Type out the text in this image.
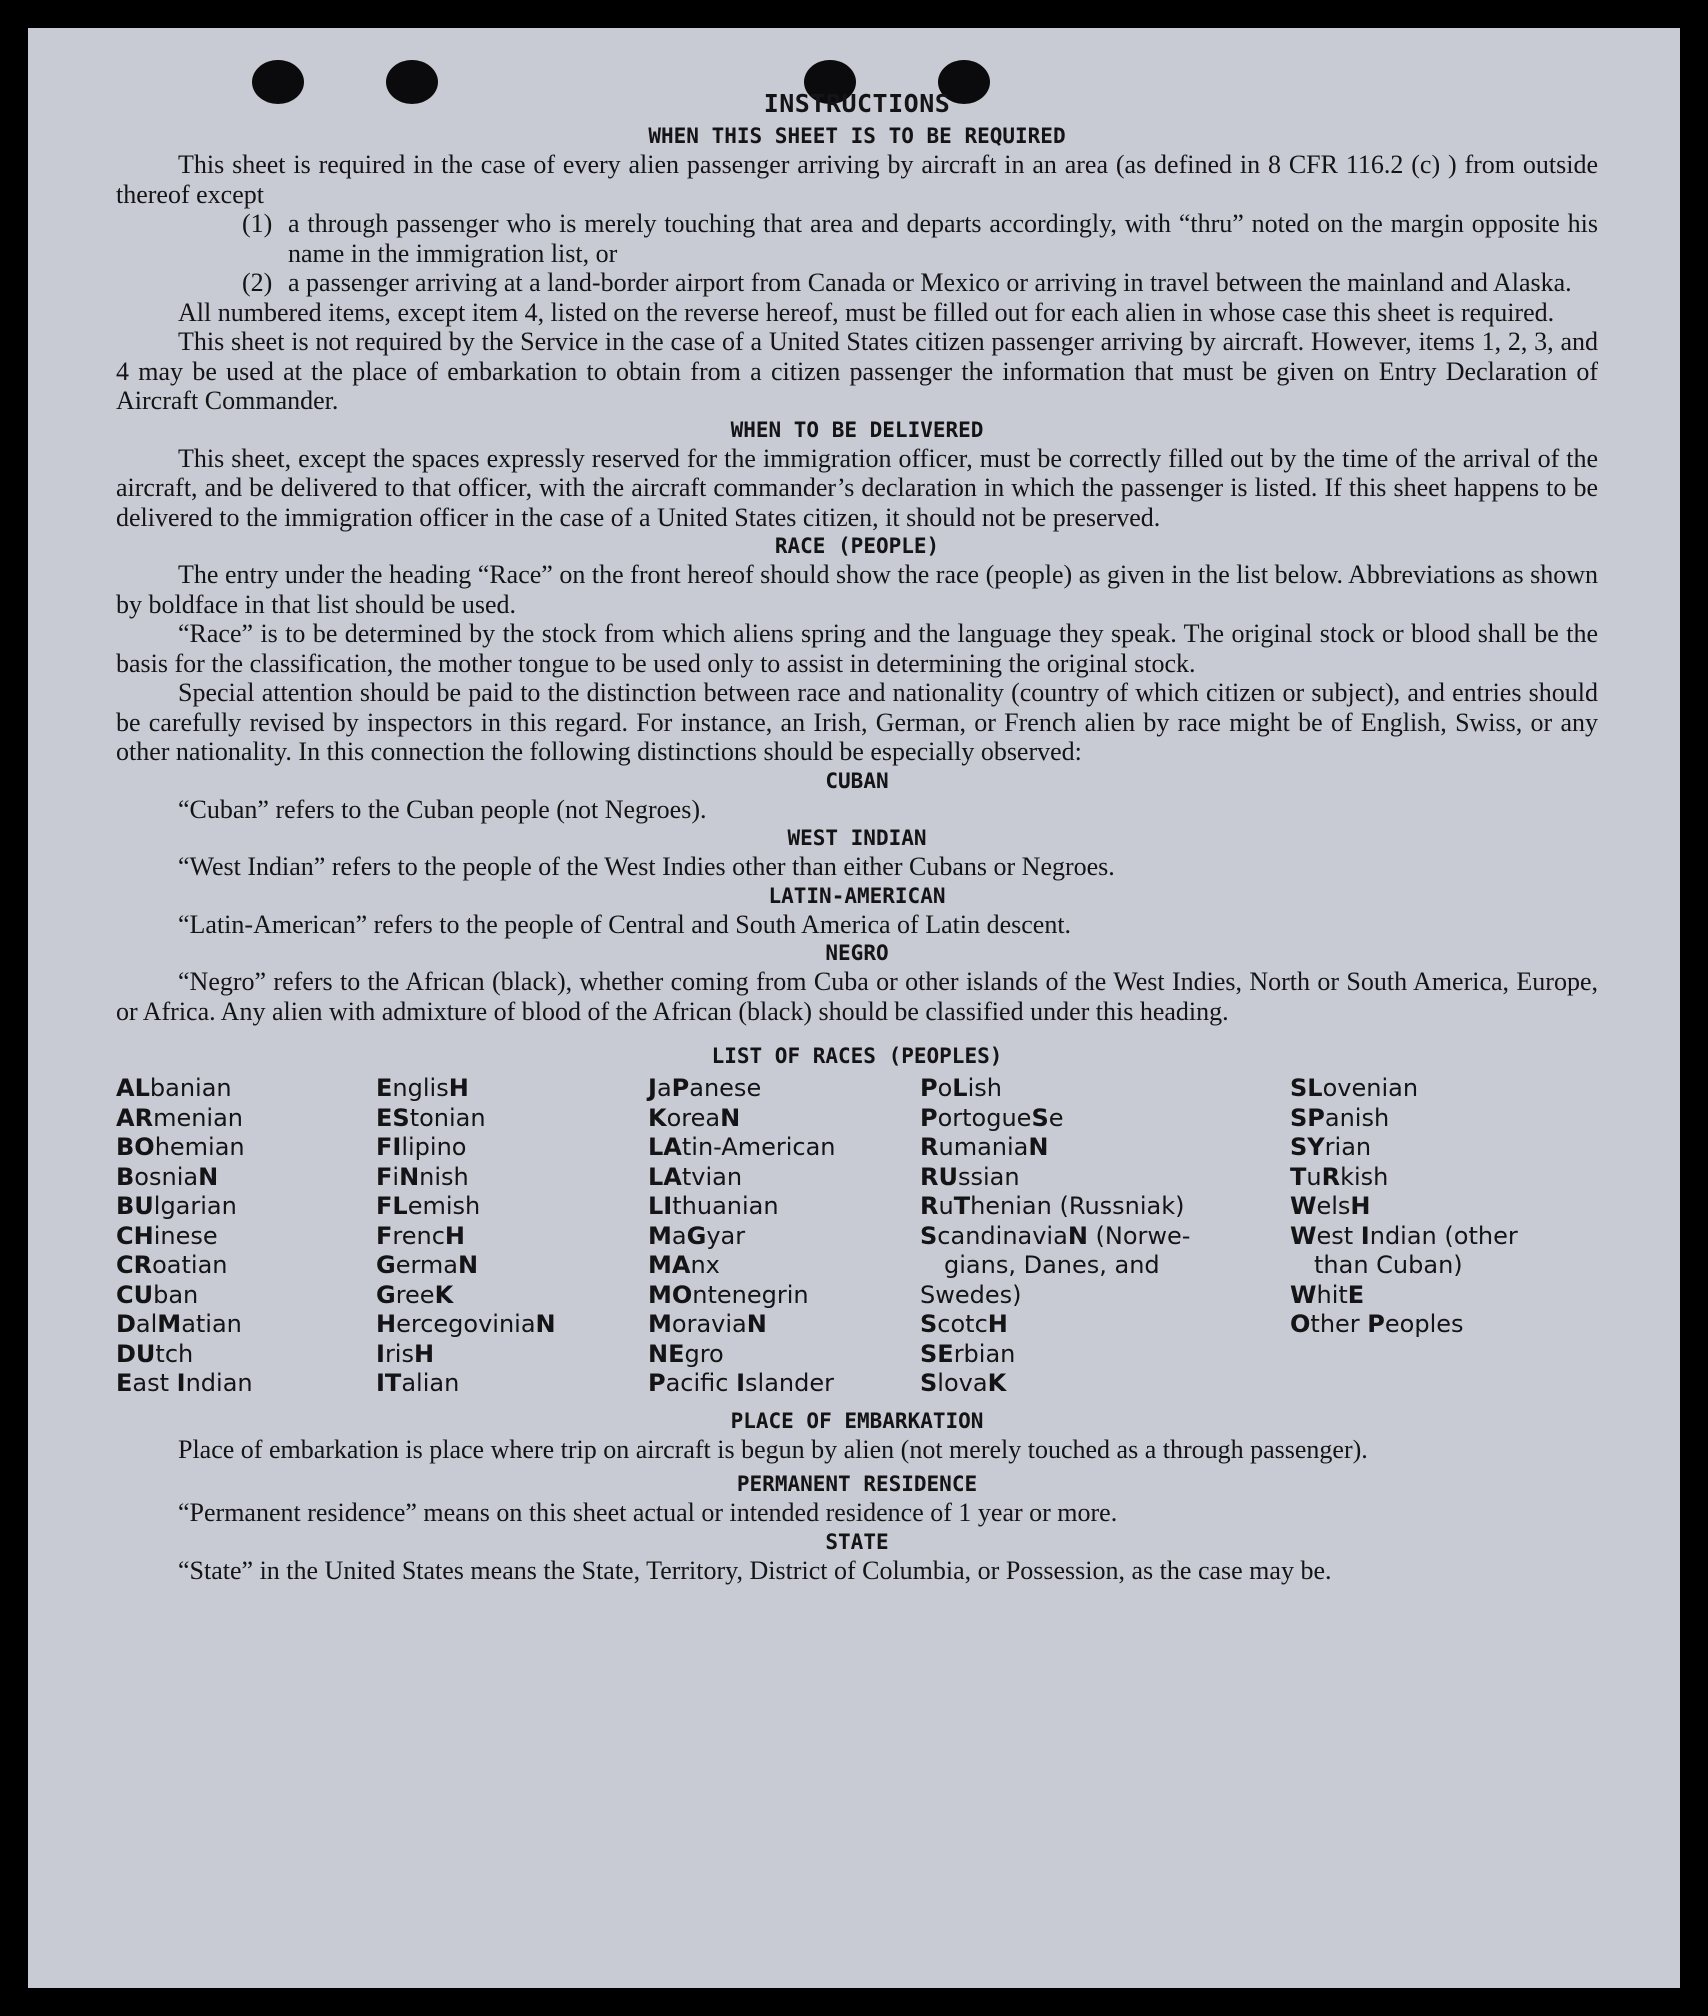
INSTRUCTIONS
WHEN THIS SHEET IS TO BE REQUIRED

This sheet is required in the case of every alien passenger arriving by aircraft in an area (as defined in 8 CFR 116.2 (c) ) from outside thereof except

(1) a through passenger who is merely touching that area and departs accordingly, with “thru” noted on the margin opposite his name in the immigration list, or
(2) a passenger arriving at a land-border airport from Canada or Mexico or arriving in travel between the mainland and Alaska.

All numbered items, except item 4, listed on the reverse hereof, must be filled out for each alien in whose case this sheet is required.

This sheet is not required by the Service in the case of a United States citizen passenger arriving by aircraft. However, items 1, 2, 3, and 4 may be used at the place of embarkation to obtain from a citizen passenger the information that must be given on Entry Declaration of Aircraft Commander.

WHEN TO BE DELIVERED

This sheet, except the spaces expressly reserved for the immigration officer, must be correctly filled out by the time of the arrival of the aircraft, and be delivered to that officer, with the aircraft commander’s declaration in which the passenger is listed. If this sheet happens to be delivered to the immigration officer in the case of a United States citizen, it should not be preserved.

RACE (PEOPLE)

The entry under the heading “Race” on the front hereof should show the race (people) as given in the list below. Abbreviations as shown by boldface in that list should be used.

“Race” is to be determined by the stock from which aliens spring and the language they speak. The original stock or blood shall be the basis for the classification, the mother tongue to be used only to assist in determining the original stock.

Special attention should be paid to the distinction between race and nationality (country of which citizen or subject), and entries should be carefully revised by inspectors in this regard. For instance, an Irish, German, or French alien by race might be of English, Swiss, or any other nationality. In this connection the following distinctions should be especially observed:

CUBAN

“Cuban” refers to the Cuban people (not Negroes).

WEST INDIAN

“West Indian” refers to the people of the West Indies other than either Cubans or Negroes.

LATIN-AMERICAN

“Latin-American” refers to the people of Central and South America of Latin descent.

NEGRO

“Negro” refers to the African (black), whether coming from Cuba or other islands of the West Indies, North or South America, Europe, or Africa. Any alien with admixture of blood of the African (black) should be classified under this heading.

LIST OF RACES (PEOPLES)
ALbanian
ARmenian
BOhemian
BosniaN
BUlgarian
CHinese
CRoatian
CUban
DalMatian
DUtch
East Indian
EnglisH
EStonian
FIlipino
FiNnish
FLemish
FrencH
GermaN
GreeK
HercegoviniaN
IrisH
ITalian
JaPanese
KoreaN
LAtin-American
LAtvian
LIthuanian
MaGyar
MAnx
MOntenegrin
MoraviaN
NEgro
Pacific Islander
PoLish
PortogueSe
RumaniaN
RUssian
RuThenian (Russniak)
ScandinaviaN (Norwe-
gians, Danes, and
Swedes)
ScotcH
SErbian
SlovaK
SLovenian
SPanish
SYrian
TuRkish
WelsH
West Indian (other
than Cuban)
WhitE
Other Peoples
PLACE OF EMBARKATION

Place of embarkation is place where trip on aircraft is begun by alien (not merely touched as a through passenger).

PERMANENT RESIDENCE

“Permanent residence” means on this sheet actual or intended residence of 1 year or more.

STATE

“State” in the United States means the State, Territory, District of Columbia, or Possession, as the case may be.
